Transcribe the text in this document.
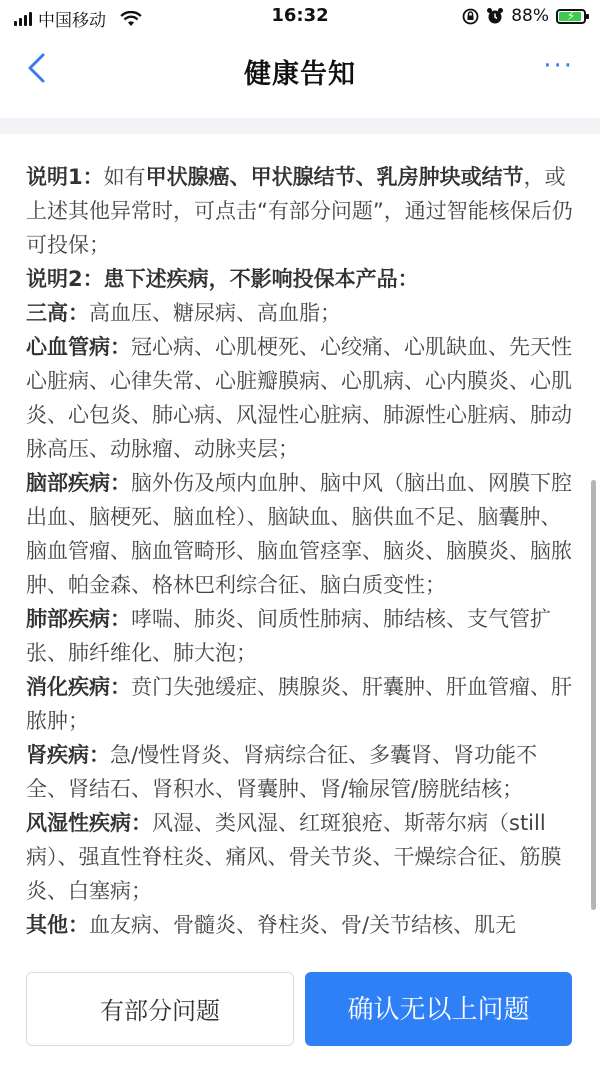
中国移动	16:32	88%	⚡
健康告知	···

说明1：如有甲状腺癌、甲状腺结节、乳房肿块或结节，或上述其他异常时，可点击“有部分问题”，通过智能核保后仍可投保；

说明2：患下述疾病，不影响投保本产品：

三高：高血压、糖尿病、高血脂；

心血管病：冠心病、心肌梗死、心绞痛、心肌缺血、先天性心脏病、心律失常、心脏瓣膜病、心肌病、心内膜炎、心肌炎、心包炎、肺心病、风湿性心脏病、肺源性心脏病、肺动脉高压、动脉瘤、动脉夹层；

脑部疾病：脑外伤及颅内血肿、脑中风（脑出血、网膜下腔出血、脑梗死、脑血栓）、脑缺血、脑供血不足、脑囊肿、脑血管瘤、脑血管畸形、脑血管痉挛、脑炎、脑膜炎、脑脓肿、帕金森、格林巴利综合征、脑白质变性；

肺部疾病：哮喘、肺炎、间质性肺病、肺结核、支气管扩张、肺纤维化、肺大泡；

消化疾病：贲门失弛缓症、胰腺炎、肝囊肿、肝血管瘤、肝脓肿；

肾疾病：急/慢性肾炎、肾病综合征、多囊肾、肾功能不全、肾结石、肾积水、肾囊肿、肾/输尿管/膀胱结核；

风湿性疾病：风湿、类风湿、红斑狼疮、斯蒂尔病（still病）、强直性脊柱炎、痛风、骨关节炎、干燥综合征、筋膜炎、白塞病；

其他：血友病、骨髓炎、脊柱炎、骨/关节结核、肌无

有部分问题	确认无以上问题
